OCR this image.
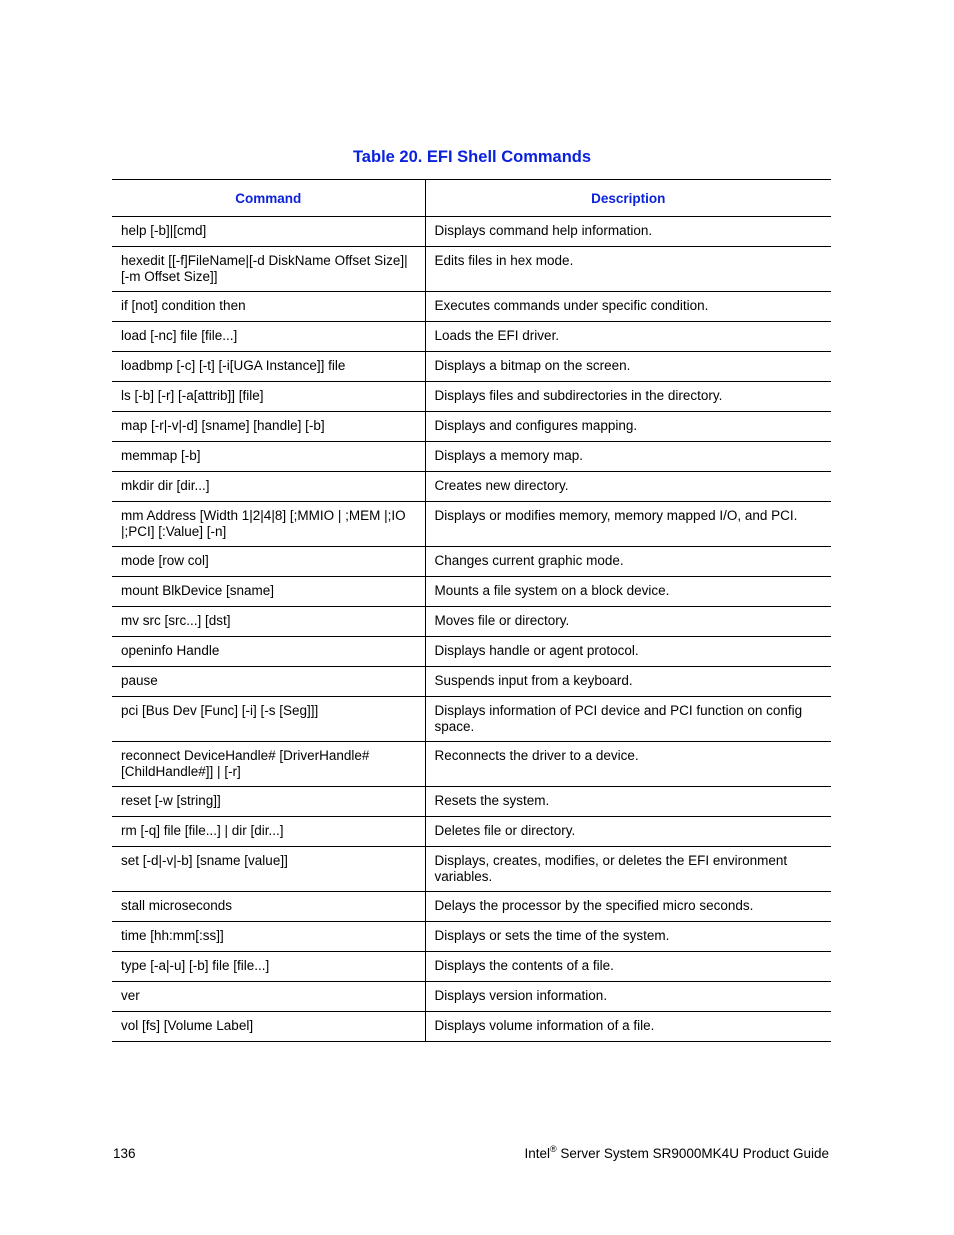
Table 20. EFI Shell Commands
Command	Description
help [-b]|[cmd]	Displays command help information.
hexedit [[-f]FileName|[-d DiskName Offset Size]|[-m Offset Size]]	Edits files in hex mode.
if [not] condition then	Executes commands under specific condition.
load [-nc] file [file...]	Loads the EFI driver.
loadbmp [-c] [-t] [-i[UGA Instance]] file	Displays a bitmap on the screen.
ls [-b] [-r] [-a[attrib]] [file]	Displays files and subdirectories in the directory.
map [-r|-v|-d] [sname] [handle] [-b]	Displays and configures mapping.
memmap [-b]	Displays a memory map.
mkdir dir [dir...]	Creates new directory.
mm Address [Width 1|2|4|8] [;MMIO | ;MEM |;IO |;PCI] [:Value] [-n]	Displays or modifies memory, memory mapped I/O, and PCI.
mode [row col]	Changes current graphic mode.
mount BlkDevice [sname]	Mounts a file system on a block device.
mv src [src...] [dst]	Moves file or directory.
openinfo Handle	Displays handle or agent protocol.
pause	Suspends input from a keyboard.
pci [Bus Dev [Func] [-i] [-s [Seg]]]	Displays information of PCI device and PCI function on config space.
reconnect DeviceHandle# [DriverHandle# [ChildHandle#]] | [-r]	Reconnects the driver to a device.
reset [-w [string]]	Resets the system.
rm [-q] file [file...] | dir [dir...]	Deletes file or directory.
set [-d|-v|-b] [sname [value]]	Displays, creates, modifies, or deletes the EFI environment variables.
stall microseconds	Delays the processor by the specified micro seconds.
time [hh:mm[:ss]]	Displays or sets the time of the system.
type [-a|-u] [-b] file [file...]	Displays the contents of a file.
ver	Displays version information.
vol [fs] [Volume Label]	Displays volume information of a file.
136	Intel® Server System SR9000MK4U Product Guide
